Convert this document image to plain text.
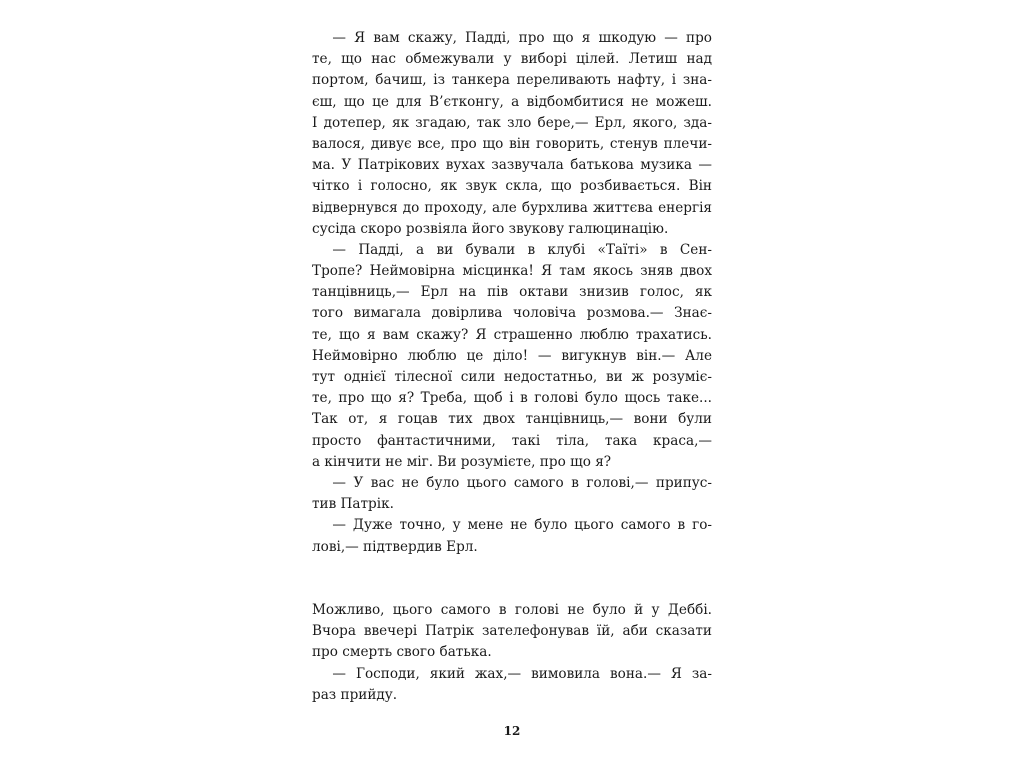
  — Я вам скажу, Падді, про що я шкодую — про
те, що нас обмежували у виборі цілей. Летиш над
портом, бачиш, із танкера переливають нафту, і зна-
єш, що це для В’єтконгу, а відбомбитися не можеш.
І дотепер, як згадаю, так зло бере,— Ерл, якого, зда-
валося, дивує все, про що він говорить, стенув плечи-
ма. У Патрікових вухах зазвучала батькова музика —
чітко і голосно, як звук скла, що розбивається. Він
відвернувся до проходу, але бурхлива життєва енергія
сусіда скоро розвіяла його звукову галюцинацію.
  — Падді, а ви бували в клубі «Таїті» в Сен-
Тропе? Неймовірна місцинка! Я там якось зняв двох
танцівниць,— Ерл на пів октави знизив голос, як
того вимагала довірлива чоловіча розмова.— Знає-
те, що я вам скажу? Я страшенно люблю трахатись.
Неймовірно люблю це діло! — вигукнув він.— Але
тут однієї тілесної сили недостатньо, ви ж розуміє-
те, про що я? Треба, щоб і в голові було щось таке...
Так от, я гоцав тих двох танцівниць,— вони були
просто фантастичними, такі тіла, така краса,—
а кінчити не міг. Ви розумієте, про що я?
  — У вас не було цього самого в голові,— припус-
тив Патрік.
  — Дуже точно, у мене не було цього самого в го-
лові,— підтвердив Ерл.
Можливо, цього самого в голові не було й у Деббі.
Вчора ввечері Патрік зателефонував їй, аби сказати
про смерть свого батька.
  — Господи, який жах,— вимовила вона.— Я за-
раз прийду.
12
